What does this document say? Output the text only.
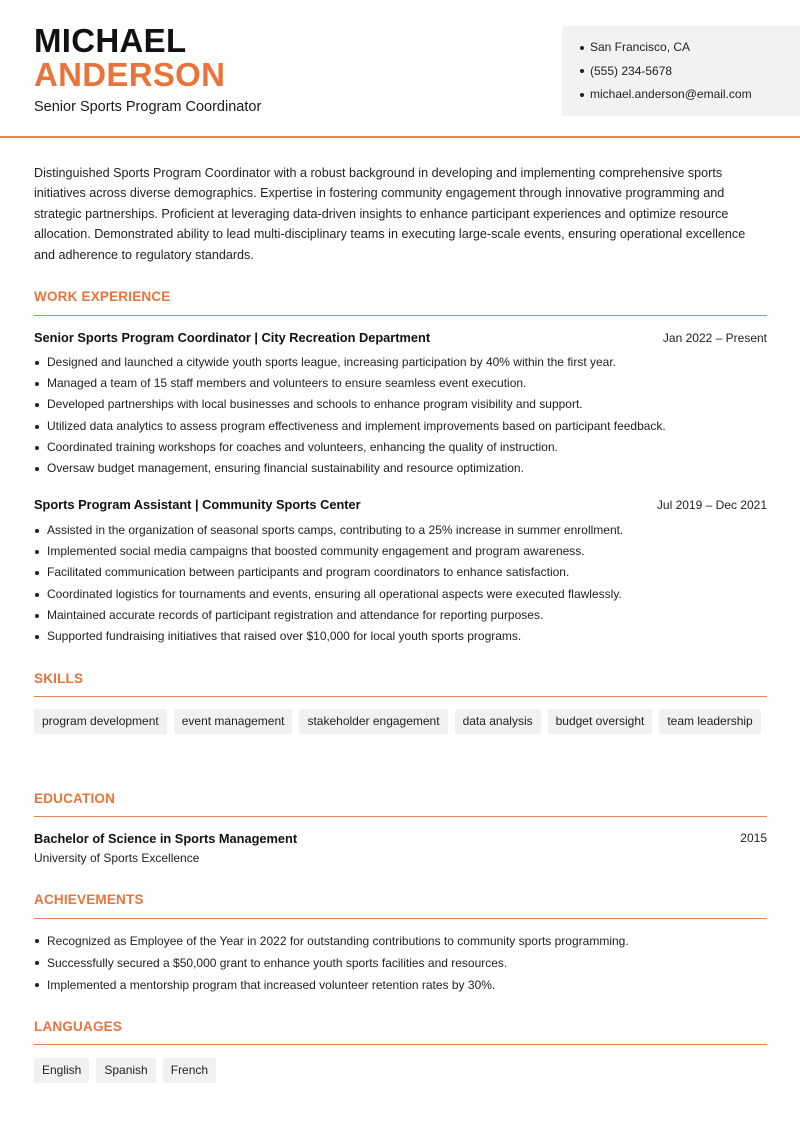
MICHAEL
ANDERSON
Senior Sports Program Coordinator
San Francisco, CA
(555) 234-5678
michael.anderson@email.com

Distinguished Sports Program Coordinator with a robust background in developing and implementing comprehensive sports initiatives across diverse demographics. Expertise in fostering community engagement through innovative programming and strategic partnerships. Proficient at leveraging data-driven insights to enhance participant experiences and optimize resource allocation. Demonstrated ability to lead multi-disciplinary teams in executing large-scale events, ensuring operational excellence and adherence to regulatory standards.

WORK EXPERIENCE
Senior Sports Program Coordinator | City Recreation Department	Jan 2022 – Present
Designed and launched a citywide youth sports league, increasing participation by 40% within the first year.
Managed a team of 15 staff members and volunteers to ensure seamless event execution.
Developed partnerships with local businesses and schools to enhance program visibility and support.
Utilized data analytics to assess program effectiveness and implement improvements based on participant feedback.
Coordinated training workshops for coaches and volunteers, enhancing the quality of instruction.
Oversaw budget management, ensuring financial sustainability and resource optimization.
Sports Program Assistant | Community Sports Center	Jul 2019 – Dec 2021
Assisted in the organization of seasonal sports camps, contributing to a 25% increase in summer enrollment.
Implemented social media campaigns that boosted community engagement and program awareness.
Facilitated communication between participants and program coordinators to enhance satisfaction.
Coordinated logistics for tournaments and events, ensuring all operational aspects were executed flawlessly.
Maintained accurate records of participant registration and attendance for reporting purposes.
Supported fundraising initiatives that raised over $10,000 for local youth sports programs.
SKILLS
program development	event management	stakeholder engagement	data analysis	budget oversight	team leadership
EDUCATION
Bachelor of Science in Sports Management	2015
University of Sports Excellence
ACHIEVEMENTS
Recognized as Employee of the Year in 2022 for outstanding contributions to community sports programming.
Successfully secured a $50,000 grant to enhance youth sports facilities and resources.
Implemented a mentorship program that increased volunteer retention rates by 30%.
LANGUAGES
English	Spanish	French
